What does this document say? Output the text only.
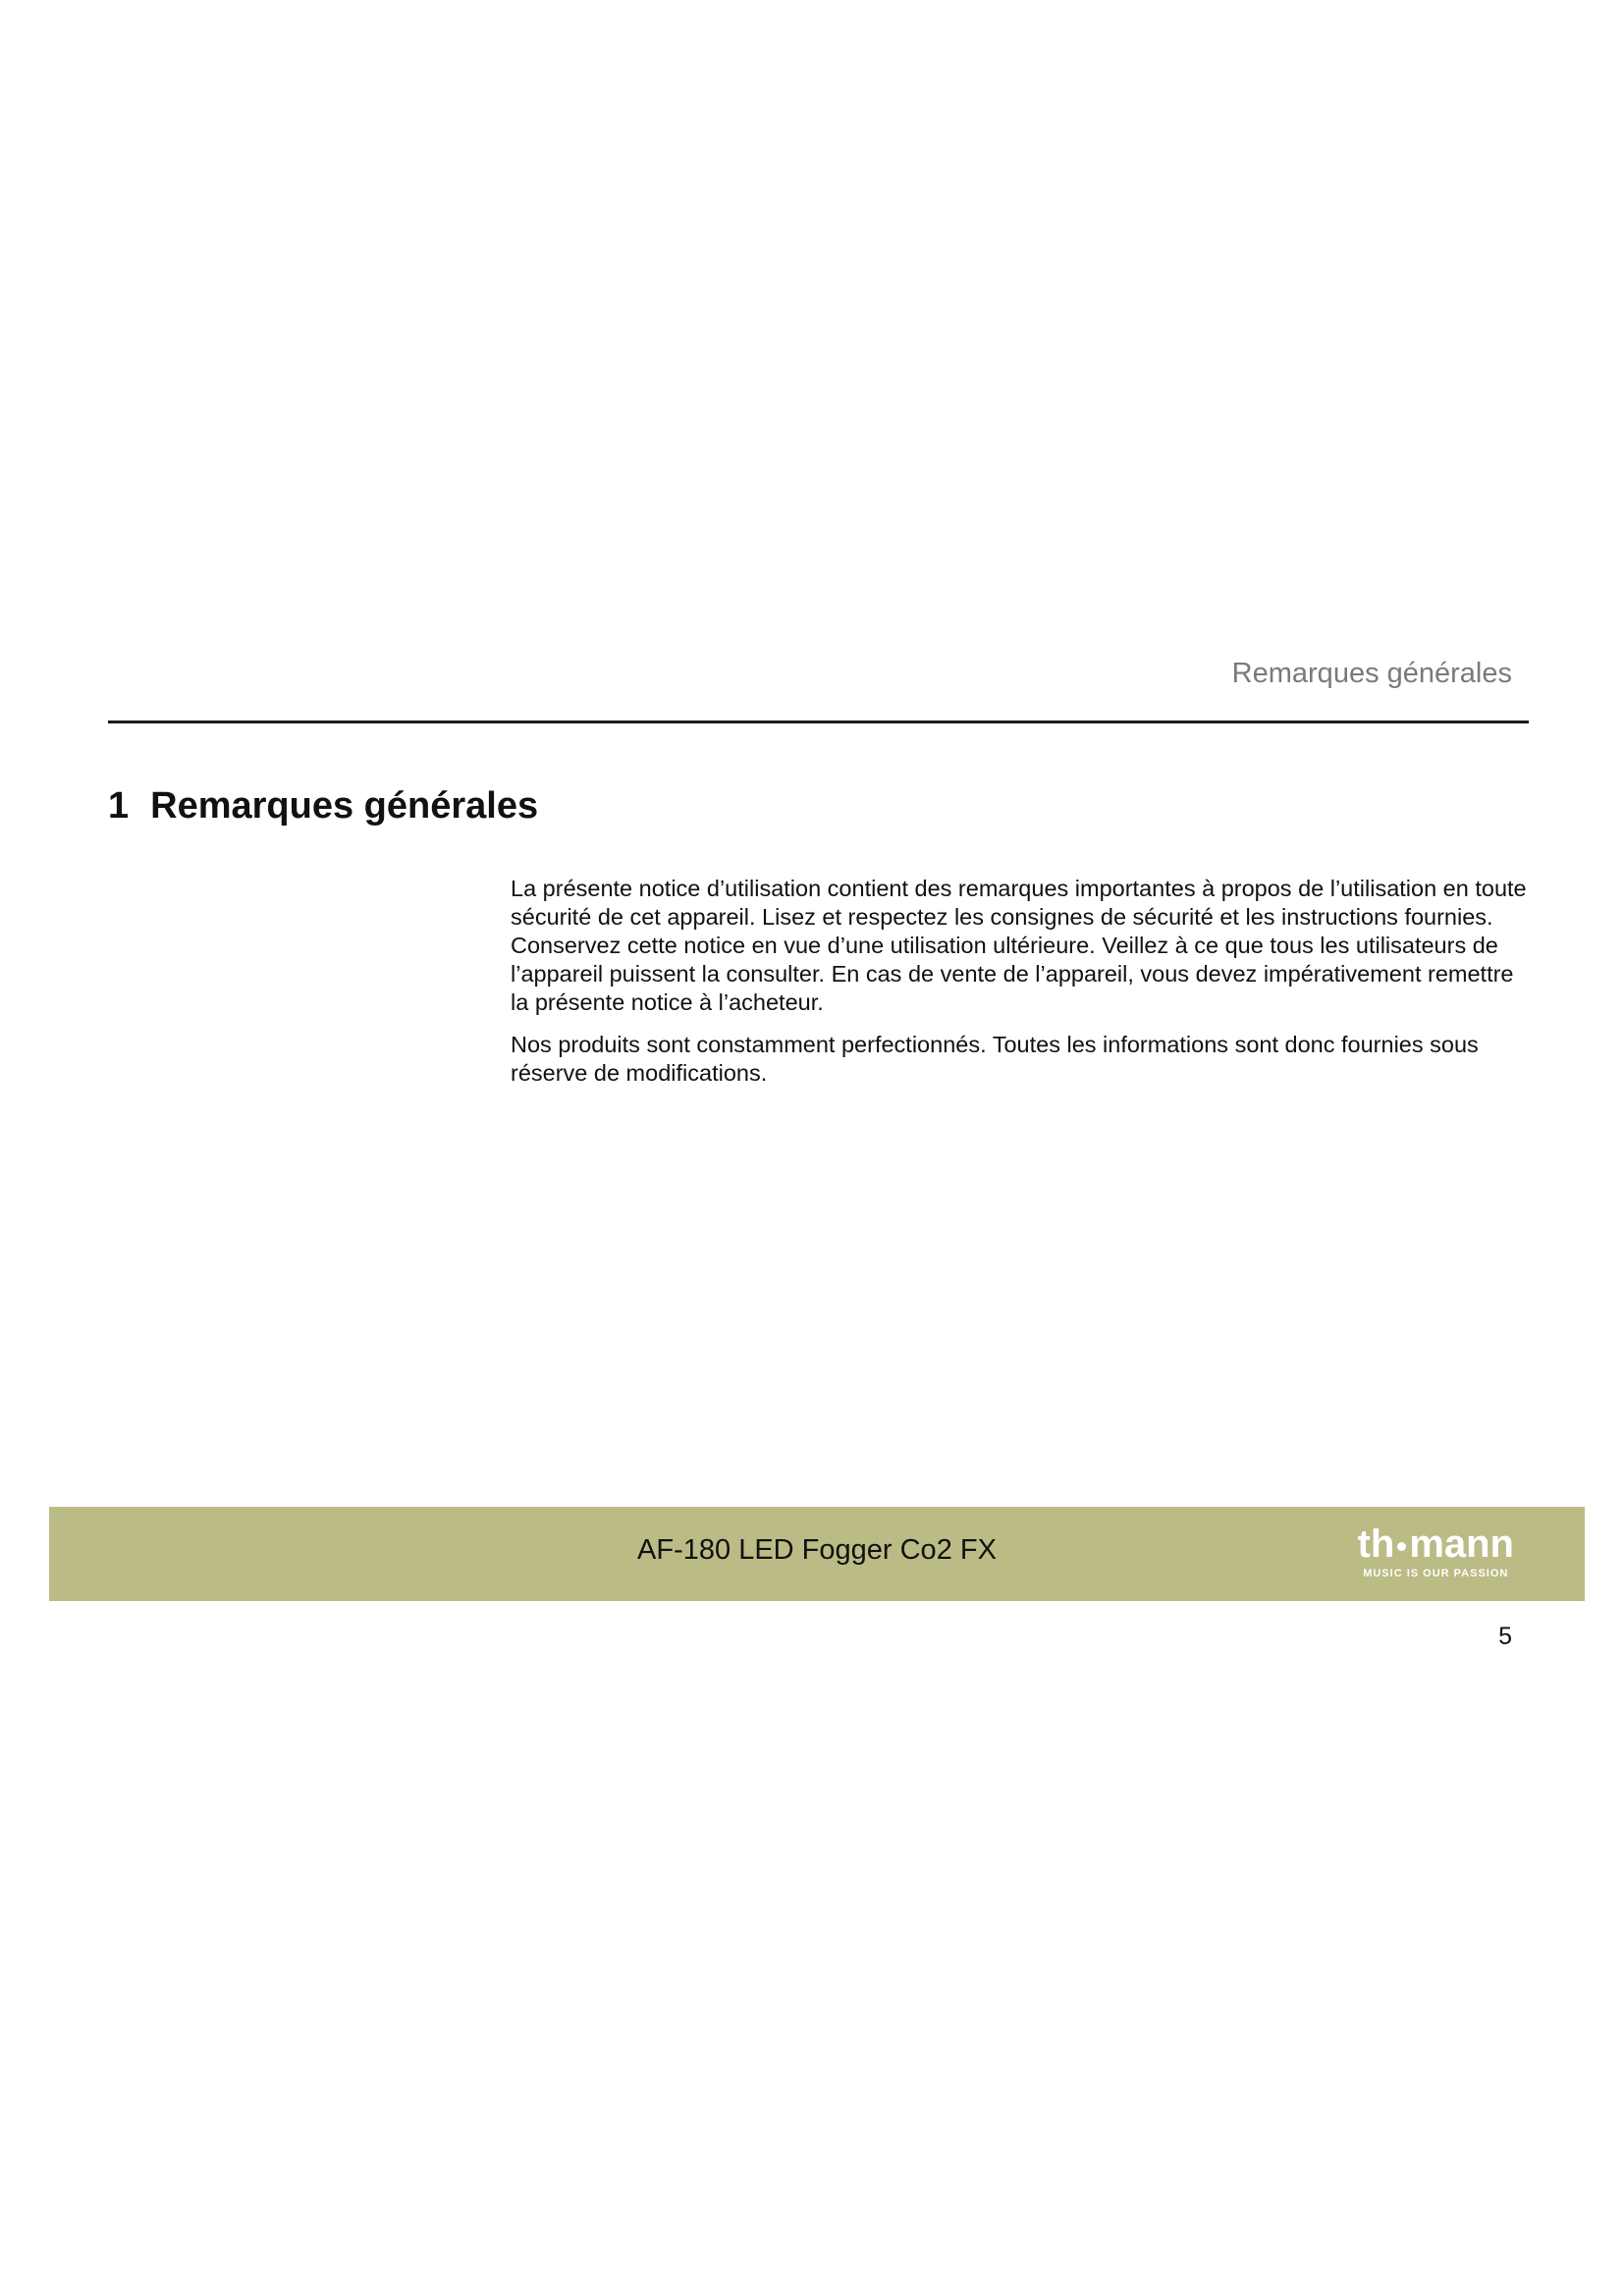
Remarques générales
1 Remarques générales

La présente notice d’utilisation contient des remarques importantes à propos de l’utilisation en toute sécurité de cet appareil. Lisez et respectez les consignes de sécurité et les instructions fournies. Conservez cette notice en vue d’une utilisation ultérieure. Veillez à ce que tous les utilisateurs de l’appareil puissent la consulter. En cas de vente de l’appareil, vous devez impérativement remettre la présente notice à l’acheteur.

Nos produits sont constamment perfectionnés. Toutes les informations sont donc fournies sous réserve de modifications.

AF-180 LED Fogger Co2 FX	th mann
MUSIC IS OUR PASSION
5
